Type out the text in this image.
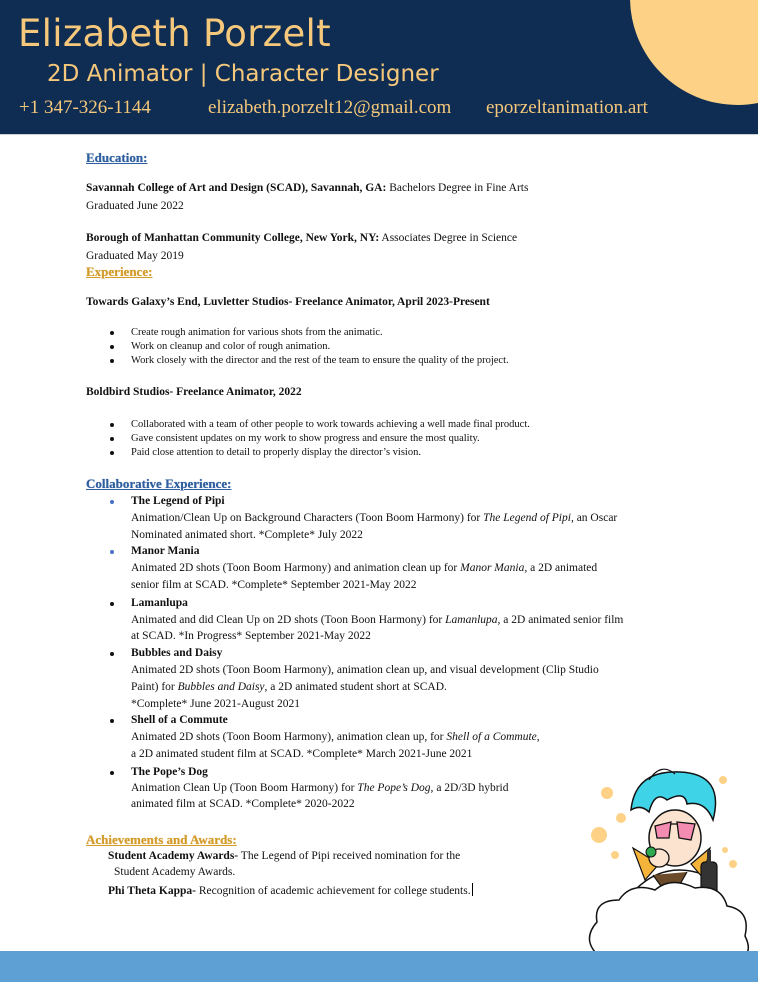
Elizabeth Porzelt
2D Animator | Character Designer
+1 347-326-1144	elizabeth.porzelt12@gmail.com eporzeltanimation.art
Education:
Savannah College of Art and Design (SCAD), Savannah, GA: Bachelors Degree in Fine Arts
Graduated June 2022
Borough of Manhattan Community College, New York, NY: Associates Degree in Science
Graduated May 2019
Experience:
Towards Galaxy’s End, Luvletter Studios- Freelance Animator, April 2023-Present
Create rough animation for various shots from the animatic.
Work on cleanup and color of rough animation.
Work closely with the director and the rest of the team to ensure the quality of the project.
Boldbird Studios- Freelance Animator, 2022
Collaborated with a team of other people to work towards achieving a well made final product.
Gave consistent updates on my work to show progress and ensure the most quality.
Paid close attention to detail to properly display the director’s vision.
Collaborative Experience:
The Legend of Pipi
Animation/Clean Up on Background Characters (Toon Boom Harmony) for The Legend of Pipi, an Oscar
Nominated animated short. *Complete* July 2022
Manor Mania
Animated 2D shots (Toon Boom Harmony) and animation clean up for Manor Mania, a 2D animated
senior film at SCAD. *Complete* September 2021-May 2022
Lamanlupa
Animated and did Clean Up on 2D shots (Toon Boon Harmony) for Lamanlupa, a 2D animated senior film
at SCAD. *In Progress* September 2021-May 2022
Bubbles and Daisy
Animated 2D shots (Toon Boom Harmony), animation clean up, and visual development (Clip Studio
Paint) for Bubbles and Daisy, a 2D animated student short at SCAD.
*Complete* June 2021-August 2021
Shell of a Commute
Animated 2D shots (Toon Boom Harmony), animation clean up, for Shell of a Commute,
a 2D animated student film at SCAD. *Complete* March 2021-June 2021
The Pope’s Dog
Animation Clean Up (Toon Boom Harmony) for The Pope’s Dog, a 2D/3D hybrid
animated film at SCAD. *Complete* 2020-2022
Achievements and Awards:
Student Academy Awards- The Legend of Pipi received nomination for the
Student Academy Awards.
Phi Theta Kappa- Recognition of academic achievement for college students.
